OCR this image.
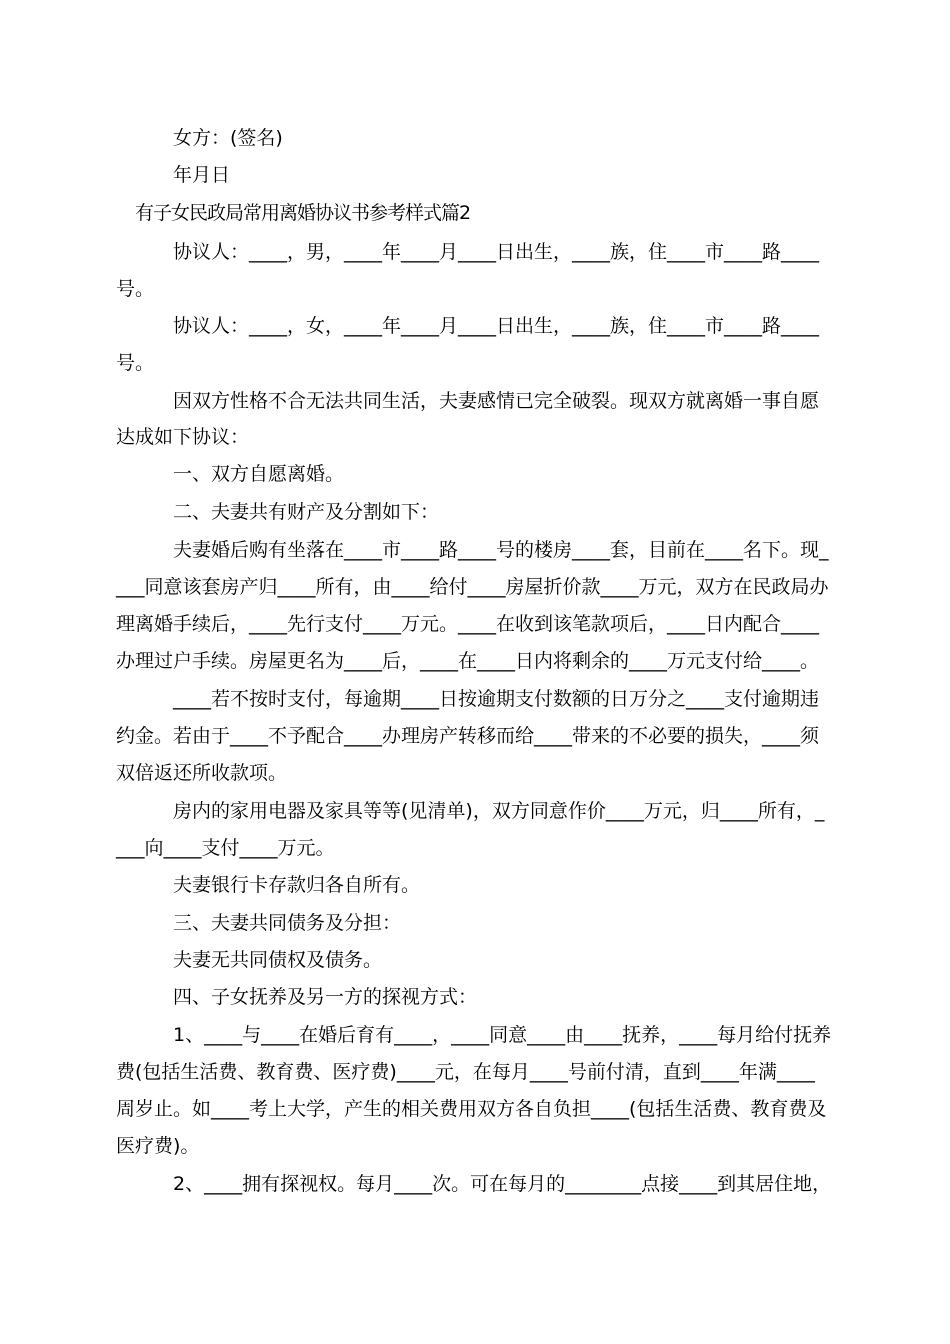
女方：(签名)
年月日
有子女民政局常用离婚协议书参考样式篇2
协议人：____，男，____年____月____日出生，____族，住____市____路____
号。
协议人：____，女，____年____月____日出生，____族，住____市____路____
号。
因双方性格不合无法共同生活，夫妻感情已完全破裂。现双方就离婚一事自愿
达成如下协议：
一、双方自愿离婚。
二、夫妻共有财产及分割如下：
夫妻婚后购有坐落在____市____路____号的楼房____套，目前在____名下。现_
___同意该套房产归____所有，由____给付____房屋折价款____万元，双方在民政局办
理离婚手续后，____先行支付____万元。____在收到该笔款项后，____日内配合____
办理过户手续。房屋更名为____后，____在____日内将剩余的____万元支付给____。
____若不按时支付，每逾期____日按逾期支付数额的日万分之____支付逾期违
约金。若由于____不予配合____办理房产转移而给____带来的不必要的损失，____须
双倍返还所收款项。
房内的家用电器及家具等等(见清单)，双方同意作价____万元，归____所有，_
___向____支付____万元。
夫妻银行卡存款归各自所有。
三、夫妻共同债务及分担：
夫妻无共同债权及债务。
四、子女抚养及另一方的探视方式：
1、____与____在婚后育有____，____同意____由____抚养，____每月给付抚养
费(包括生活费、教育费、医疗费)____元，在每月____号前付清，直到____年满____
周岁止。如____考上大学，产生的相关费用双方各自负担____(包括生活费、教育费及
医疗费)。
2、____拥有探视权。每月____次。可在每月的________点接____到其居住地，
